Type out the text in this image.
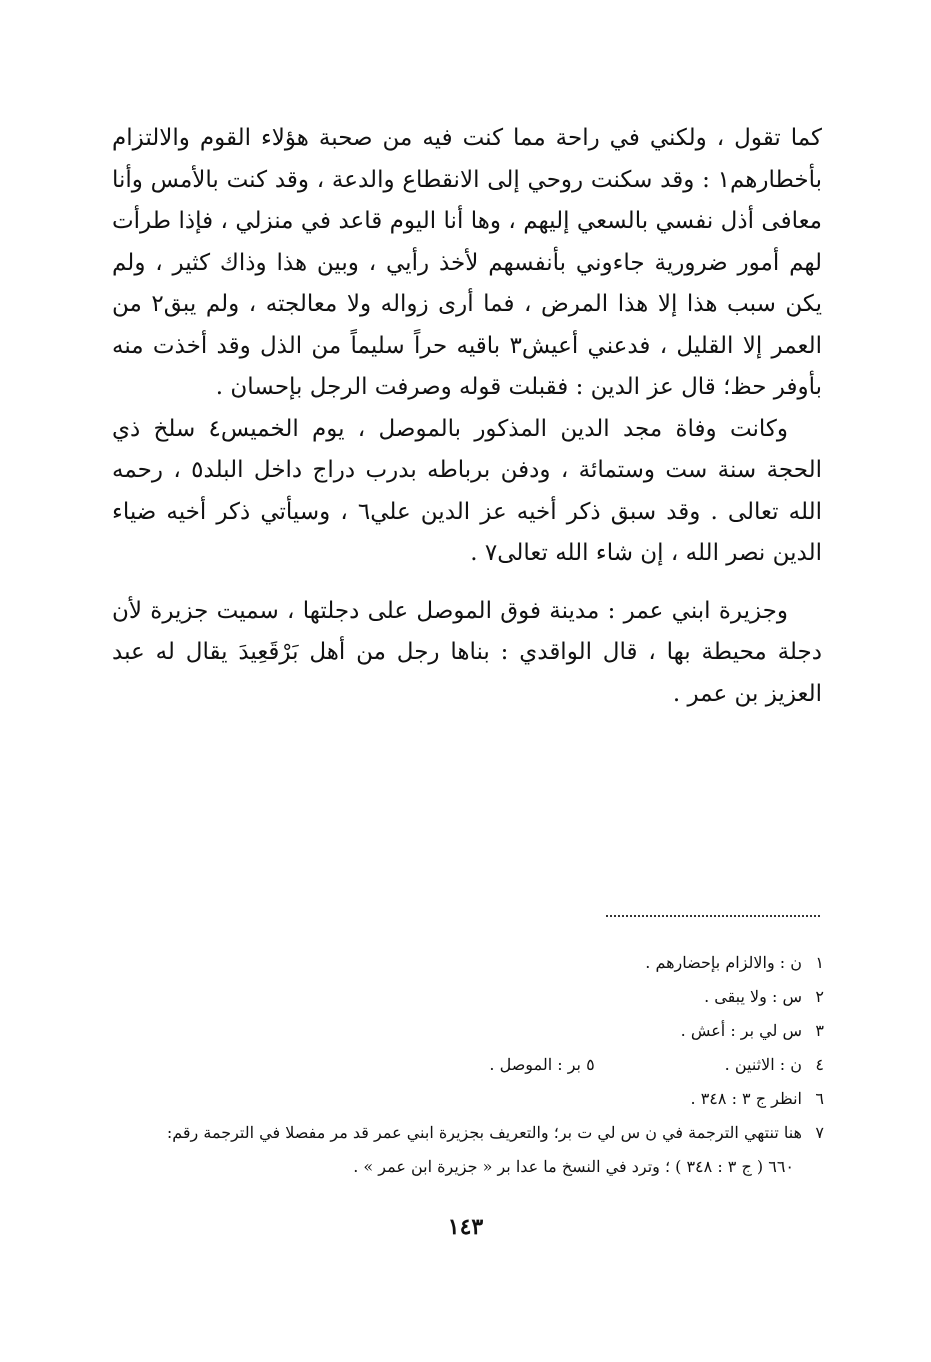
كما تقول ، ولكني في راحة مما كنت فيه من صحبة هؤلاء القوم والالتزام بأخطارهم١ : وقد سكنت روحي إلى الانقطاع والدعة ، وقد كنت بالأمس وأنا معافى أذل نفسي بالسعي إليهم ، وها أنا اليوم قاعد في منزلي ، فإذا طرأت لهم أمور ضرورية جاءوني بأنفسهم لأخذ رأيي ، وبين هذا وذاك كثير ، ولم يكن سبب هذا إلا هذا المرض ، فما أرى زواله ولا معالجته ، ولم يبق٢ من العمر إلا القليل ، فدعني أعيش٣ باقيه حراً سليماً من الذل وقد أخذت منه بأوفر حظ؛ قال عز الدين : فقبلت قوله وصرفت الرجل بإحسان .

وكانت وفاة مجد الدين المذكور بالموصل ، يوم الخميس٤ سلخ ذي الحجة سنة ست وستمائة ، ودفن برباطه بدرب دراج داخل البلد٥ ، رحمه الله تعالى . وقد سبق ذكر أخيه عز الدين علي٦ ، وسيأتي ذكر أخيه ضياء الدين نصر الله ، إن شاء الله تعالى٧ .

وجزيرة ابني عمر : مدينة فوق الموصل على دجلتها ، سميت جزيرة لأن دجلة محيطة بها ، قال الواقدي : بناها رجل من أهل بَرْقَعِيدَ يقال له عبد العزيز بن عمر .

١
ن : والالزام بإحضارهم .
٢
س : ولا يبقى .
٣
س لي بر : أعش .
٤
ن : الاثنين .
٥ بر : الموصل .
٦
انظر ج ٣ : ٣٤٨ .
٧
هنا تنتهي الترجمة في ن س لي ت بر؛ والتعريف بجزيرة ابني عمر قد مر مفصلا في الترجمة رقم:
٦٦٠ ( ج ٣ : ٣٤٨ ) ؛ وترد في النسخ ما عدا بر « جزيرة ابن عمر » .
١٤٣
